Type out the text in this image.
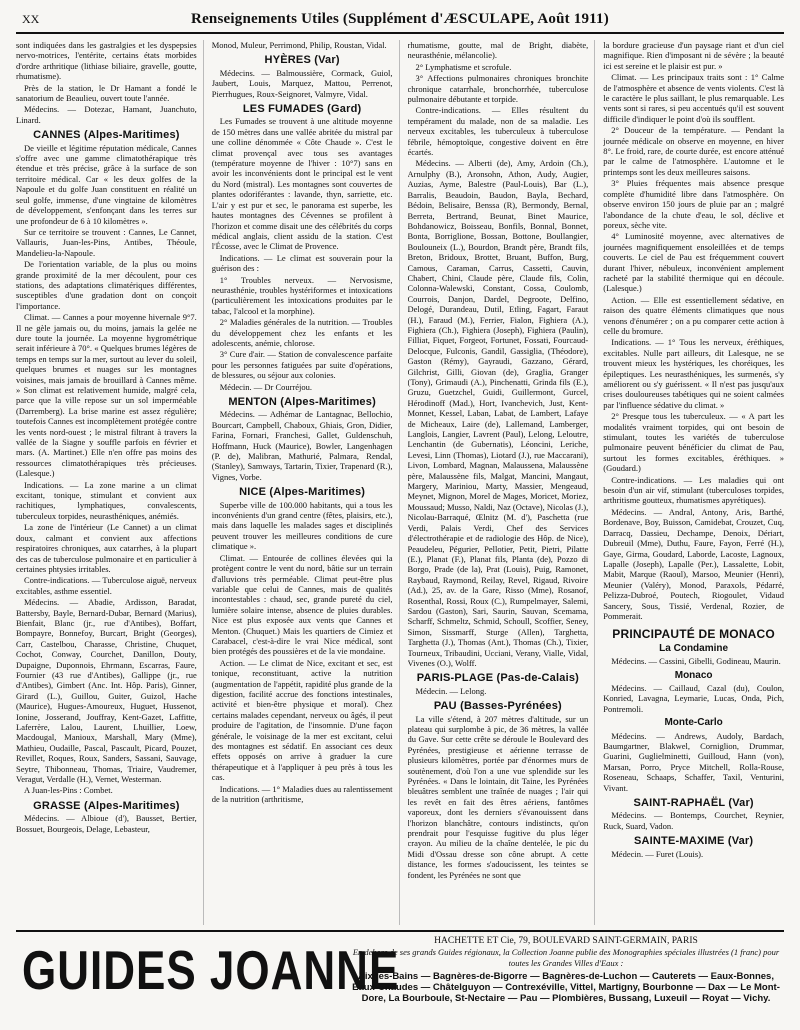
XX	Renseignements Utiles (Supplément d'ÆSCULAPE, Août 1911)

sont indiquées dans les gastralgies et les dyspepsies nervo-motrices, l'entérite, certains états morbides d'ordre arthritique (lithiase biliaire, gravelle, goutte, rhumatisme).

Près de la station, le Dr Hamant a fondé le sanatorium de Beaulieu, ouvert toute l'année.

Médecins. — Dotezac, Hamant, Juanchuto, Linard.

CANNES (Alpes-Maritimes)

De vieille et légitime réputation médicale, Cannes s'offre avec une gamme climatothérapique très étendue et très précise, grâce à la surface de son territoire médical. Car « les deux golfes de la Napoule et du golfe Juan constituent en réalité un seul golfe, immense, d'une vingtaine de kilomètres de développement, s'enfonçant dans les terres sur une profondeur de 6 à 10 kilomètres ».

Sur ce territoire se trouvent : Cannes, Le Cannet, Vallauris, Juan-les-Pins, Antibes, Théoule, Mandelieu-la-Napoule.

De l'orientation variable, de la plus ou moins grande proximité de la mer découlent, pour ces stations, des adaptations climatériques différentes, susceptibles d'une gradation dont on conçoit l'importance.

Climat. — Cannes a pour moyenne hivernale 9°7. Il ne gèle jamais ou, du moins, jamais la gelée ne dure toute la journée. La moyenne hygrométrique serait inférieure à 70°. « Quelques brumes légères de temps en temps sur la mer, surtout au lever du soleil, quelques brumes et nuages sur les montagnes voisines, mais jamais de brouillard à Cannes même. » Son climat est relativement humide, malgré cela, parce que la ville repose sur un sol imperméable (Darremberg). La brise marine est assez régulière; toutefois Cannes est incomplètement protégée contre les vents nord-ouest ; le mistral filtrant à travers la vallée de la Siagne y souffle parfois en février et mars. (A. Martinet.) Elle n'en offre pas moins des ressources climatothérapiques très précieuses. (Lalesque.)

Indications. — La zone marine a un climat excitant, tonique, stimulant et convient aux rachitiques, lymphatiques, convalescents, tuberculeux torpides, neurasthéniques, anémiés.

La zone de l'intérieur (Le Cannet) a un climat doux, calmant et convient aux affections respiratoires chroniques, aux catarrhes, à la plupart des cas de tuberculose pulmonaire et en particulier à certaines phtysies irritables.

Contre-indications. — Tuberculose aiguë, nerveux excitables, asthme essentiel.

Médecins. — Abadie, Ardisson, Baradat, Battersby, Bayle, Bernard-Dubar, Bernard (Marius), Bienfait, Blanc (jr., rue d'Antibes), Boffart, Bompayre, Bonnefoy, Burcart, Bright (Georges), Carr, Castelbou, Charasse, Christine, Chuquet, Cochot, Conway, Courchet, Danillon, Douty, Dupaigne, Duponnois, Ehrmann, Escarras, Faure, Fournier (43 rue d'Antibes), Gallippe (jr., rue d'Antibes), Gimbert (Anc. Int. Hôp. Paris), Ginner, Girard (L.), Guillou, Guiter, Guizol, Hache (Maurice), Hugues-Amoureux, Huguet, Hussenot, Ionine, Josserand, Jouffray, Kent-Gazet, Laffitte, Laferrère, Lalou, Laurent, Lhuillier, Loew, Macdougal, Manioux, Marshall, Mary (Mme), Mathieu, Oudaille, Pascal, Pascault, Picard, Pouzet, Revillet, Roques, Roux, Sanders, Sassani, Sauvage, Seytre, Thibonneau, Thomas, Triaire, Vaudremer, Veragut, Verdalle (H.), Vernet, Westerman.

A Juan-les-Pins : Combet.

GRASSE (Alpes-Maritimes)

Médecins. — Albioue (d'), Bausset, Bertier, Bossuet, Bourgeois, Delage, Lebasteur,

Monod, Muleur, Perrimond, Philip, Roustan, Vidal.

HYÈRES (Var)

Médecins. — Balmoussière, Cormack, Guiol, Jaubert, Louis, Marquez, Mattou, Perrenot, Pierrhugues, Roux-Seignoret, Valmyre, Vidal.

LES FUMADES (Gard)

Les Fumades se trouvent à une altitude moyenne de 150 mètres dans une vallée abritée du mistral par une colline dénommée « Côte Chaude ». C'est le climat provençal avec tous ses avantages (température moyenne de l'hiver : 10°7) sans en avoir les inconvénients dont le principal est le vent du Nord (mistral). Les montagnes sont couvertes de plantes odoriférantes : lavande, thyn, sarriette, etc. L'air y est pur et sec, le panorama est superbe, les hautes montagnes des Cévennes se profilent à l'horizon et comme disait une des célébrités du corps médical anglais, client assidu de la station. C'est l'Écosse, avec le Climat de Provence.

Indications. — Le climat est souverain pour la guérison des :

1° Troubles nerveux. — Nervosisme, neurasthénie, troubles hystériformes et intoxications (particulièrement les intoxications produites par le tabac, l'alcool et la morphine).

2° Maladies générales de la nutrition. — Troubles du développement chez les enfants et les adolescents, anémie, chlorose.

3° Cure d'air. — Station de convalescence parfaite pour les personnes fatiguées par suite d'opérations, de blessures, ou séjour aux colonies.

Médecin. — Dr Courréjou.

MENTON (Alpes-Maritimes)

Médecins. — Adhémar de Lantagnac, Bellochio, Bourcart, Campbell, Chaboux, Ghiais, Gron, Didier, Farina, Fornari, Franchesi, Gallet, Guldenschuh, Hoffmann, Huck (Maurice), Bowler, Langenhagen (P. de), Malibran, Mathurié, Palmara, Rendal, (Stanley), Samways, Tartarin, Tixier, Trapenard (R.), Vignes, Vorbe.

NICE (Alpes-Maritimes)

Superbe ville de 100.000 habitants, qui a tous les inconvénients d'un grand centre (fêtes, plaisirs, etc.), mais dans laquelle les malades sages et disciplinés peuvent trouver les meilleures conditions de cure climatique ».

Climat. — Entourée de collines élevées qui la protègent contre le vent du nord, bâtie sur un terrain d'alluvions très perméable. Climat peut-être plus variable que celui de Cannes, mais de qualités incontestables : chaud, sec, grande pureté du ciel, lumière solaire intense, absence de pluies durables. Nice est plus exposée aux vents que Cannes et Menton. (Chuquet.) Mais les quartiers de Cimiez et Carabacel, c'est-à-dire le vrai Nice médical, sont bien protégés des poussières et de la vie mondaine.

Action. — Le climat de Nice, excitant et sec, est tonique, reconstituant, active la nutrition (augmentation de l'appétit, rapidité plus grande de la digestion, facilité accrue des fonctions intestinales, activité et bien-être physique et moral). Chez certains malades cependant, nerveux ou âgés, il peut produire de l'agitation, de l'insomnie. D'une façon générale, le voisinage de la mer est excitant, celui des montagnes est sédatif. En associant ces deux effets opposés on arrive à graduer la cure thérapeutique et à l'appliquer à peu près à tous les cas.

Indications. — 1° Maladies dues au ralentissement de la nutrition (arthritisme,

rhumatisme, goutte, mal de Bright, diabète, neurasthénie, mélancolie).

2° Lymphatisme et scrofule.

3° Affections pulmonaires chroniques bronchite chronique catarrhale, bronchorrhée, tuberculose pulmonaire débutante et torpide.

Contre-indications. — Elles résultent du tempérament du malade, non de sa maladie. Les nerveux excitables, les tuberculeux à tuberculose fébrile, hémoptoïque, congestive doivent en être écartés.

Médecins. — Alberti (de), Amy, Ardoin (Ch.), Arnulphy (B.), Aronsohn, Athon, Audy, Augier, Auzias, Ayme, Balestre (Paul-Louis), Bar (L.), Barralis, Beaudoin, Baudon, Bayla, Bechard, Bédoin, Belisaire, Benssa (R), Bermondy, Bernal, Berreta, Bertrand, Beunat, Binet Maurice, Bohdanowicz, Boisseau, Bonfils, Bonnal, Bonnet, Bonta, Borriglione, Bossan, Bottone, Boullangier, Boulouneix (L.), Bourdon, Brandt père, Brandt fils, Breton, Bridoux, Brottet, Bruant, Buffon, Burg, Camous, Caraman, Carrus, Cassetti, Cauvin, Chabert, Chini, Claude père, Claude fils, Colin, Colonna-Walewski, Constant, Cossa, Coulomb, Courrois, Danjon, Dardel, Degroote, Delfino, Delogé, Durandeau, Dutil, Etling, Fagart, Faraut (H.), Faraud (M.), Ferrier, Fialon, Fighiera (A.), Fighiera (Ch.), Fighiera (Joseph), Fighiera (Paulin), Filliat, Fiquet, Forgeot, Fortunet, Fossati, Fourcaud-Delocque, Fulconis, Gandil, Gassiglia, (Théodore), Gaston (Rémy), Gayraudi, Gazzano, Gérard, Gilchrist, Gilli, Giovan (de), Graglia, Granger (Tony), Grimaudi (A.), Pinchenatti, Grinda fils (E.), Gruzu, Guetzchel, Guidi, Guillermont, Gurcel, Hérodinoff (Mad.), Hort, Ivanchevich, Just, Kent-Monnet, Kessel, Laban, Labat, de Lambert, Lafaye de Micheaux, Laire (de), Lallemand, Lamberger, Langlois, Langier, Lavrent (Paul), Lelong, Leloutre, Lenchantin (de Gubernatis), Léoncini, Leriche, Levesi, Linn (Thomas), Liotard (J.), rue Maccarani), Livon, Lombard, Magnan, Malaussena, Malaussène père, Malaussène fils, Malgat, Mancini, Mangaut, Margery, Mariniou, Marty, Massier, Mengeaud, Meynet, Mignon, Morel de Mages, Moricet, Moriez, Moussaud; Musso, Naldi, Naz (Octave), Nicolas (J.), Nicolau-Barraqué, Œlnitz (M. d'), Paschetta (rue Verdi, Palais Verdi, Chef des Services d'électrothérapie et de radiologie des Hôp. de Nice), Peaudeleu, Pégurier, Pellotier, Petit, Pietri, Pilatte (E.), Planat (F.), Planat fils, Planta (de), Pozzo di Borgo, Prade (de la), Prat (Louis), Puig, Ramonet, Raybaud, Raymond, Reilay, Revel, Rigaud, Rivoire (Ad.), 25, av. de la Gare, Risso (Mme), Rosanof, Rosenthal, Rossi, Roux (C.), Rumpelmayer, Salemi, Sardou (Gaston), Sari, Saurin, Sauvan, Scemama, Scharff, Schmeltz, Schmid, Schoull, Scoffier, Seney, Simon, Sissmarff, Sturge (Allen), Targhetta, Targhetta (J.), Thomas (Ant.), Thomas (Ch.), Tixier, Tourneux, Tribaudini, Ucciani, Verany, Vialle, Vidal, Vivenes (O.), Wolff.

PARIS-PLAGE (Pas-de-Calais)

Médecin. — Lelong.

PAU (Basses-Pyrénées)

La ville s'étend, à 207 mètres d'altitude, sur un plateau qui surplombe à pic, de 36 mètres, la vallée du Gave. Sur cette crête se déroule le Boulevard des Pyrénées, prestigieuse et aérienne terrasse de plusieurs kilomètres, portée par d'énormes murs de soutènement, d'où l'on a une vue splendide sur les Pyrénées. « Dans le lointain, dit Taine, les Pyrénées bleuâtres semblent une traînée de nuages ; l'air qui les revêt en fait des êtres aériens, fantômes vaporeux, dont les derniers s'évanouissent dans l'horizon blanchâtre, contours indistincts, qu'on prendrait pour l'esquisse fugitive du plus léger crayon. Au milieu de la chaîne dentelée, le pic du Midi d'Ossau dresse son cône abrupt. A cette distance, les formes s'adoucissent, les teintes se fondent, les Pyrénées ne sont que

la bordure gracieuse d'un paysage riant et d'un ciel magnifique. Rien d'imposant ni de sévère ; la beauté ici est sereine et le plaisir est pur. »

Climat. — Les principaux traits sont : 1° Calme de l'atmosphère et absence de vents violents. C'est là le caractère le plus saillant, le plus remarquable. Les vents sont si rares, si peu accentués qu'il est souvent difficile d'indiquer le point d'où ils soufflent.

2° Douceur de la température. — Pendant la journée médicale on observe en moyenne, en hiver 8°. Le froid, rare, de courte durée, est encore atténué par le calme de l'atmosphère. L'automne et le printemps sont les deux meilleures saisons.

3° Pluies fréquentes mais absence presque complète d'humidité libre dans l'atmosphère. On observe environ 150 jours de pluie par an ; malgré l'abondance de la chute d'eau, le sol, déclive et poreux, sèche vite.

4° Luminosité moyenne, avec alternatives de journées magnifiquement ensoleillées et de temps couverts. Le ciel de Pau est fréquemment couvert durant l'hiver, nébuleux, inconvénient amplement racheté par la stabilité thermique qui en découle. (Lalesque.)

Action. — Elle est essentiellement sédative, en raison des quatre éléments climatiques que nous venons d'énumérer ; on a pu comparer cette action à celle du bromure.

Indications. — 1° Tous les nerveux, éréthiques, excitables. Nulle part ailleurs, dit Lalesque, ne se trouvent mieux les hystériques, les choréiques, les épileptiques. Les neurasthéniques, les surmenés, s'y améliorent ou s'y guérissent. « Il n'est pas jusqu'aux crises douloureuses tabétiques qui ne soient calmées par l'influence sédative du climat. »

2° Presque tous les tuberculeux. — « A part les modalités vraiment torpides, qui ont besoin de stimulant, toutes les variétés de tuberculose pulmonaire peuvent bénéficier du climat de Pau, surtout les formes excitables, éréthiques. » (Goudard.)

Contre-indications. — Les maladies qui ont besoin d'un air vif, stimulant (tuberculoses torpides, arthritisme goutteux, rhumatismes apyrétiques).

Médecins. — Andral, Antony, Aris, Barthé, Bordenave, Boy, Buisson, Camidebat, Crouzet, Cuq, Darracq, Dassieu, Dechampe, Denoix, Dériart, Dubreuil (Mme), Duthu, Faure, Fayon, Ferré (H.), Gaye, Girma, Goudard, Laborde, Lacoste, Lagnoux, Lapalle (Joseph), Lapalle (Per.), Lassalette, Lobit, Mabit, Marque (Raoul), Marsoo, Meunier (Henri), Meunier (Valéry), Monod, Paraxols, Pédarré, Pelizza-Dubroé, Poutech, Riogoulet, Vidaud Sancery, Sous, Tissié, Verdenal, Rozier, de Pommerait.

PRINCIPAUTÉ DE MONACO
La Condamine

Médecins. — Cassini, Gibelli, Godineau, Maurin.

Monaco

Médecins. — Caillaud, Cazal (du), Coulon, Konried, Lavagna, Leymarie, Lucas, Onda, Pich, Pontremoli.

Monte-Carlo

Médecins. — Andrews, Audoly, Bardach, Baumgartner, Blakwel, Corniglion, Drummar, Guarini, Guglielminetti, Guilloud, Hann (von), Marsan, Porro, Pryce Mitchell, Rolla-Rouse, Roseneau, Schaaps, Schaffer, Taxil, Venturini, Vivant.

SAINT-RAPHAËL (Var)

Médecins. — Bontemps, Courchet, Reynier, Ruck, Suard, Vadon.

SAINTE-MAXIME (Var)

Médecin. — Furet (Louis).

GUIDES JOANNE	HACHETTE ET Cie, 79, BOULEVARD SAINT-GERMAIN, PARIS
En dehors de ses grands Guides régionaux, la Collection Joanne publie des Monographies spéciales illustrées (1 franc) pour toutes les Grandes Villes d'Eaux :
Aix-les-Bains — Bagnères-de-Bigorre — Bagnères-de-Luchon — Cauterets — Eaux-Bonnes, Eaux-Chaudes — Châtelguyon — Contrexéville, Vittel, Martigny, Bourbonne — Dax — Le Mont-Dore, La Bourboule, St-Nectaire — Pau — Plombières, Bussang, Luxeuil — Royat — Vichy.
